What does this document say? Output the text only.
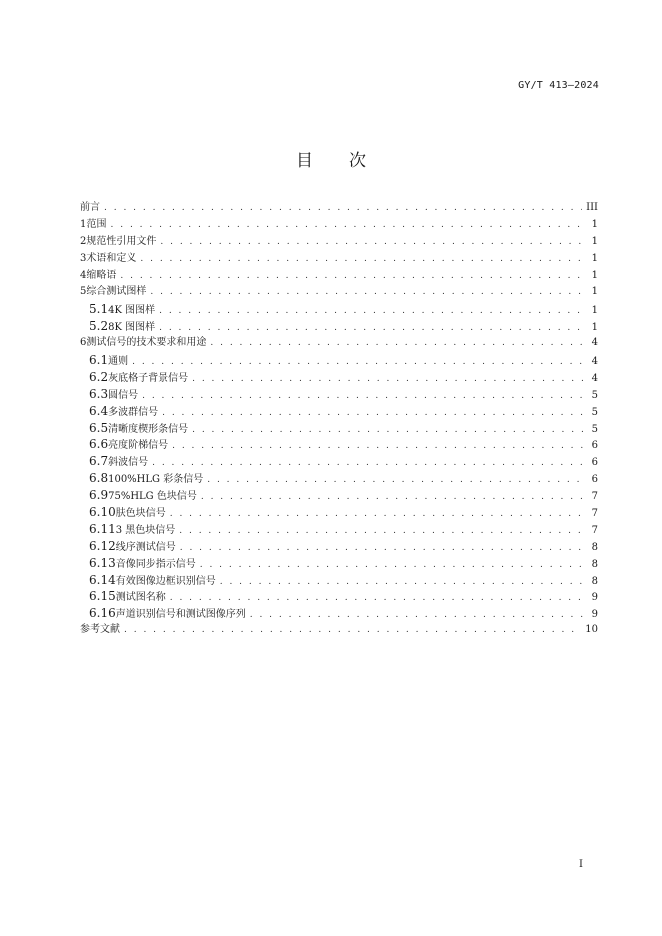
GY/T 413—2024
目 次
前言 . . .	III
1 范围 . . .	1
2 规范性引用文件 . . .	1
3 术语和定义 . . .	1
4 缩略语 . . .	1
5 综合测试图样 . . .	1
5.1 4K 图图样 . . .	1
5.2 8K 图图样 . . .	1
6 测试信号的技术要求和用途 . . .	4
6.1 通则 . . .	4
6.2 灰底格子背景信号 . . .	4
6.3 圆信号 . . .	5
6.4 多波群信号 . . .	5
6.5 清晰度楔形条信号 . . .	5
6.6 亮度阶梯信号 . . .	6
6.7 斜波信号 . . .	6
6.8 100%HLG 彩条信号 . . .	6
6.9 75%HLG 色块信号 . . .	7
6.10 肤色块信号 . . .	7
6.11 3 黑色块信号 . . .	7
6.12 线序测试信号 . . .	8
6.13 音像同步指示信号 . . .	8
6.14 有效图像边框识别信号 . . .	8
6.15 测试图名称 . . .	9
6.16 声道识别信号和测试图像序列 . . .	9
参考文献 . . .	10
I
